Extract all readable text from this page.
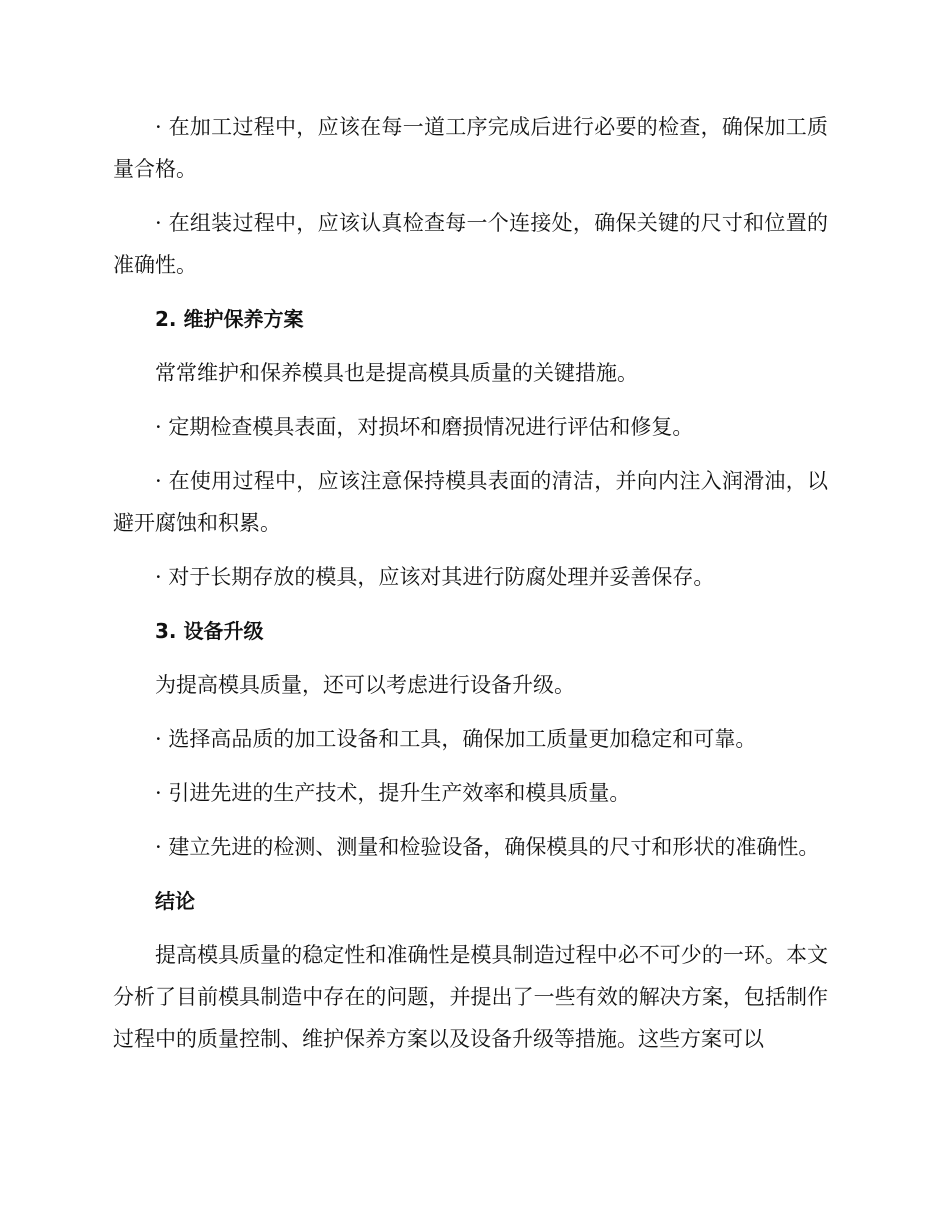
· 在加工过程中，应该在每一道工序完成后进行必要的检查，确保加工质量合格。

· 在组装过程中，应该认真检查每一个连接处，确保关键的尺寸和位置的准确性。

2. 维护保养方案

常常维护和保养模具也是提高模具质量的关键措施。

· 定期检查模具表面，对损坏和磨损情况进行评估和修复。

· 在使用过程中，应该注意保持模具表面的清洁，并向内注入润滑油，以避开腐蚀和积累。

· 对于长期存放的模具，应该对其进行防腐处理并妥善保存。

3. 设备升级

为提高模具质量，还可以考虑进行设备升级。

· 选择高品质的加工设备和工具，确保加工质量更加稳定和可靠。

· 引进先进的生产技术，提升生产效率和模具质量。

· 建立先进的检测、测量和检验设备，确保模具的尺寸和形状的准确性。

结论

提高模具质量的稳定性和准确性是模具制造过程中必不可少的一环。本文分析了目前模具制造中存在的问题，并提出了一些有效的解决方案，包括制作过程中的质量控制、维护保养方案以及设备升级等措施。这些方案可以
